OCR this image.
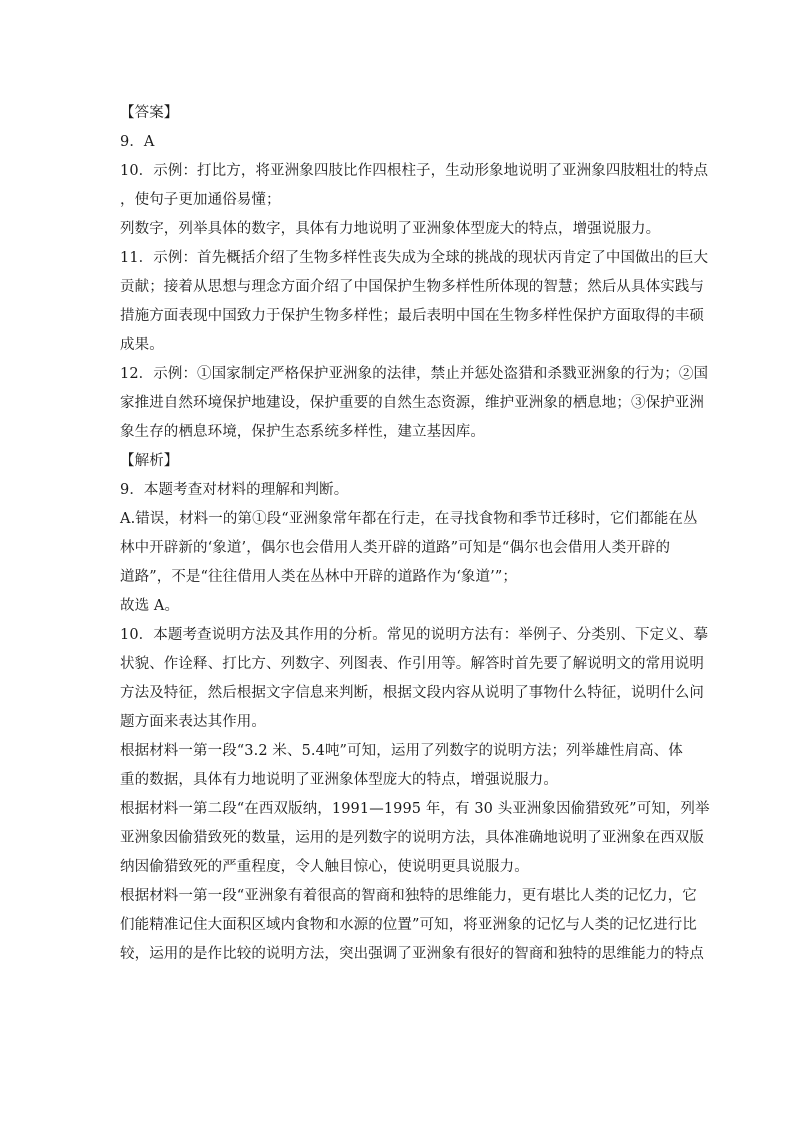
【答案】
9．A
10．示例：打比方，将亚洲象四肢比作四根柱子，生动形象地说明了亚洲象四肢粗壮的特点
，使句子更加通俗易懂；
列数字，列举具体的数字，具体有力地说明了亚洲象体型庞大的特点，增强说服力。
11．示例：首先概括介绍了生物多样性丧失成为全球的挑战的现状丙肯定了中国做出的巨大
贡献；接着从思想与理念方面介绍了中国保护生物多样性所体现的智慧；然后从具体实践与
措施方面表现中国致力于保护生物多样性；最后表明中国在生物多样性保护方面取得的丰硕
成果。
12．示例：①国家制定严格保护亚洲象的法律，禁止并惩处盗猎和杀戮亚洲象的行为；②国
家推进自然环境保护地建设，保护重要的自然生态资源，维护亚洲象的栖息地；③保护亚洲
象生存的栖息环境，保护生态系统多样性，建立基因库。
【解析】
9．本题考查对材料的理解和判断。
A.错误，材料一的第①段“亚洲象常年都在行走，在寻找食物和季节迁移时，它们都能在丛
林中开辟新的‘象道’，偶尔也会借用人类开辟的道路”可知是“偶尔也会借用人类开辟的
道路”，不是“往往借用人类在丛林中开辟的道路作为‘象道’”；
故选 A。
10．本题考查说明方法及其作用的分析。常见的说明方法有：举例子、分类别、下定义、摹
状貌、作诠释、打比方、列数字、列图表、作引用等。解答时首先要了解说明文的常用说明
方法及特征，然后根据文字信息来判断，根据文段内容从说明了事物什么特征，说明什么问
题方面来表达其作用。
根据材料一第一段“3.2 米、5.4吨”可知，运用了列数字的说明方法；列举雄性肩高、体
重的数据，具体有力地说明了亚洲象体型庞大的特点，增强说服力。
根据材料一第二段“在西双版纳，1991—1995 年，有 30 头亚洲象因偷猎致死”可知，列举
亚洲象因偷猎致死的数量，运用的是列数字的说明方法，具体准确地说明了亚洲象在西双版
纳因偷猎致死的严重程度，令人触目惊心，使说明更具说服力。
根据材料一第一段“亚洲象有着很高的智商和独特的思维能力，更有堪比人类的记忆力，它
们能精准记住大面积区域内食物和水源的位置”可知，将亚洲象的记忆与人类的记忆进行比
较，运用的是作比较的说明方法，突出强调了亚洲象有很好的智商和独特的思维能力的特点
